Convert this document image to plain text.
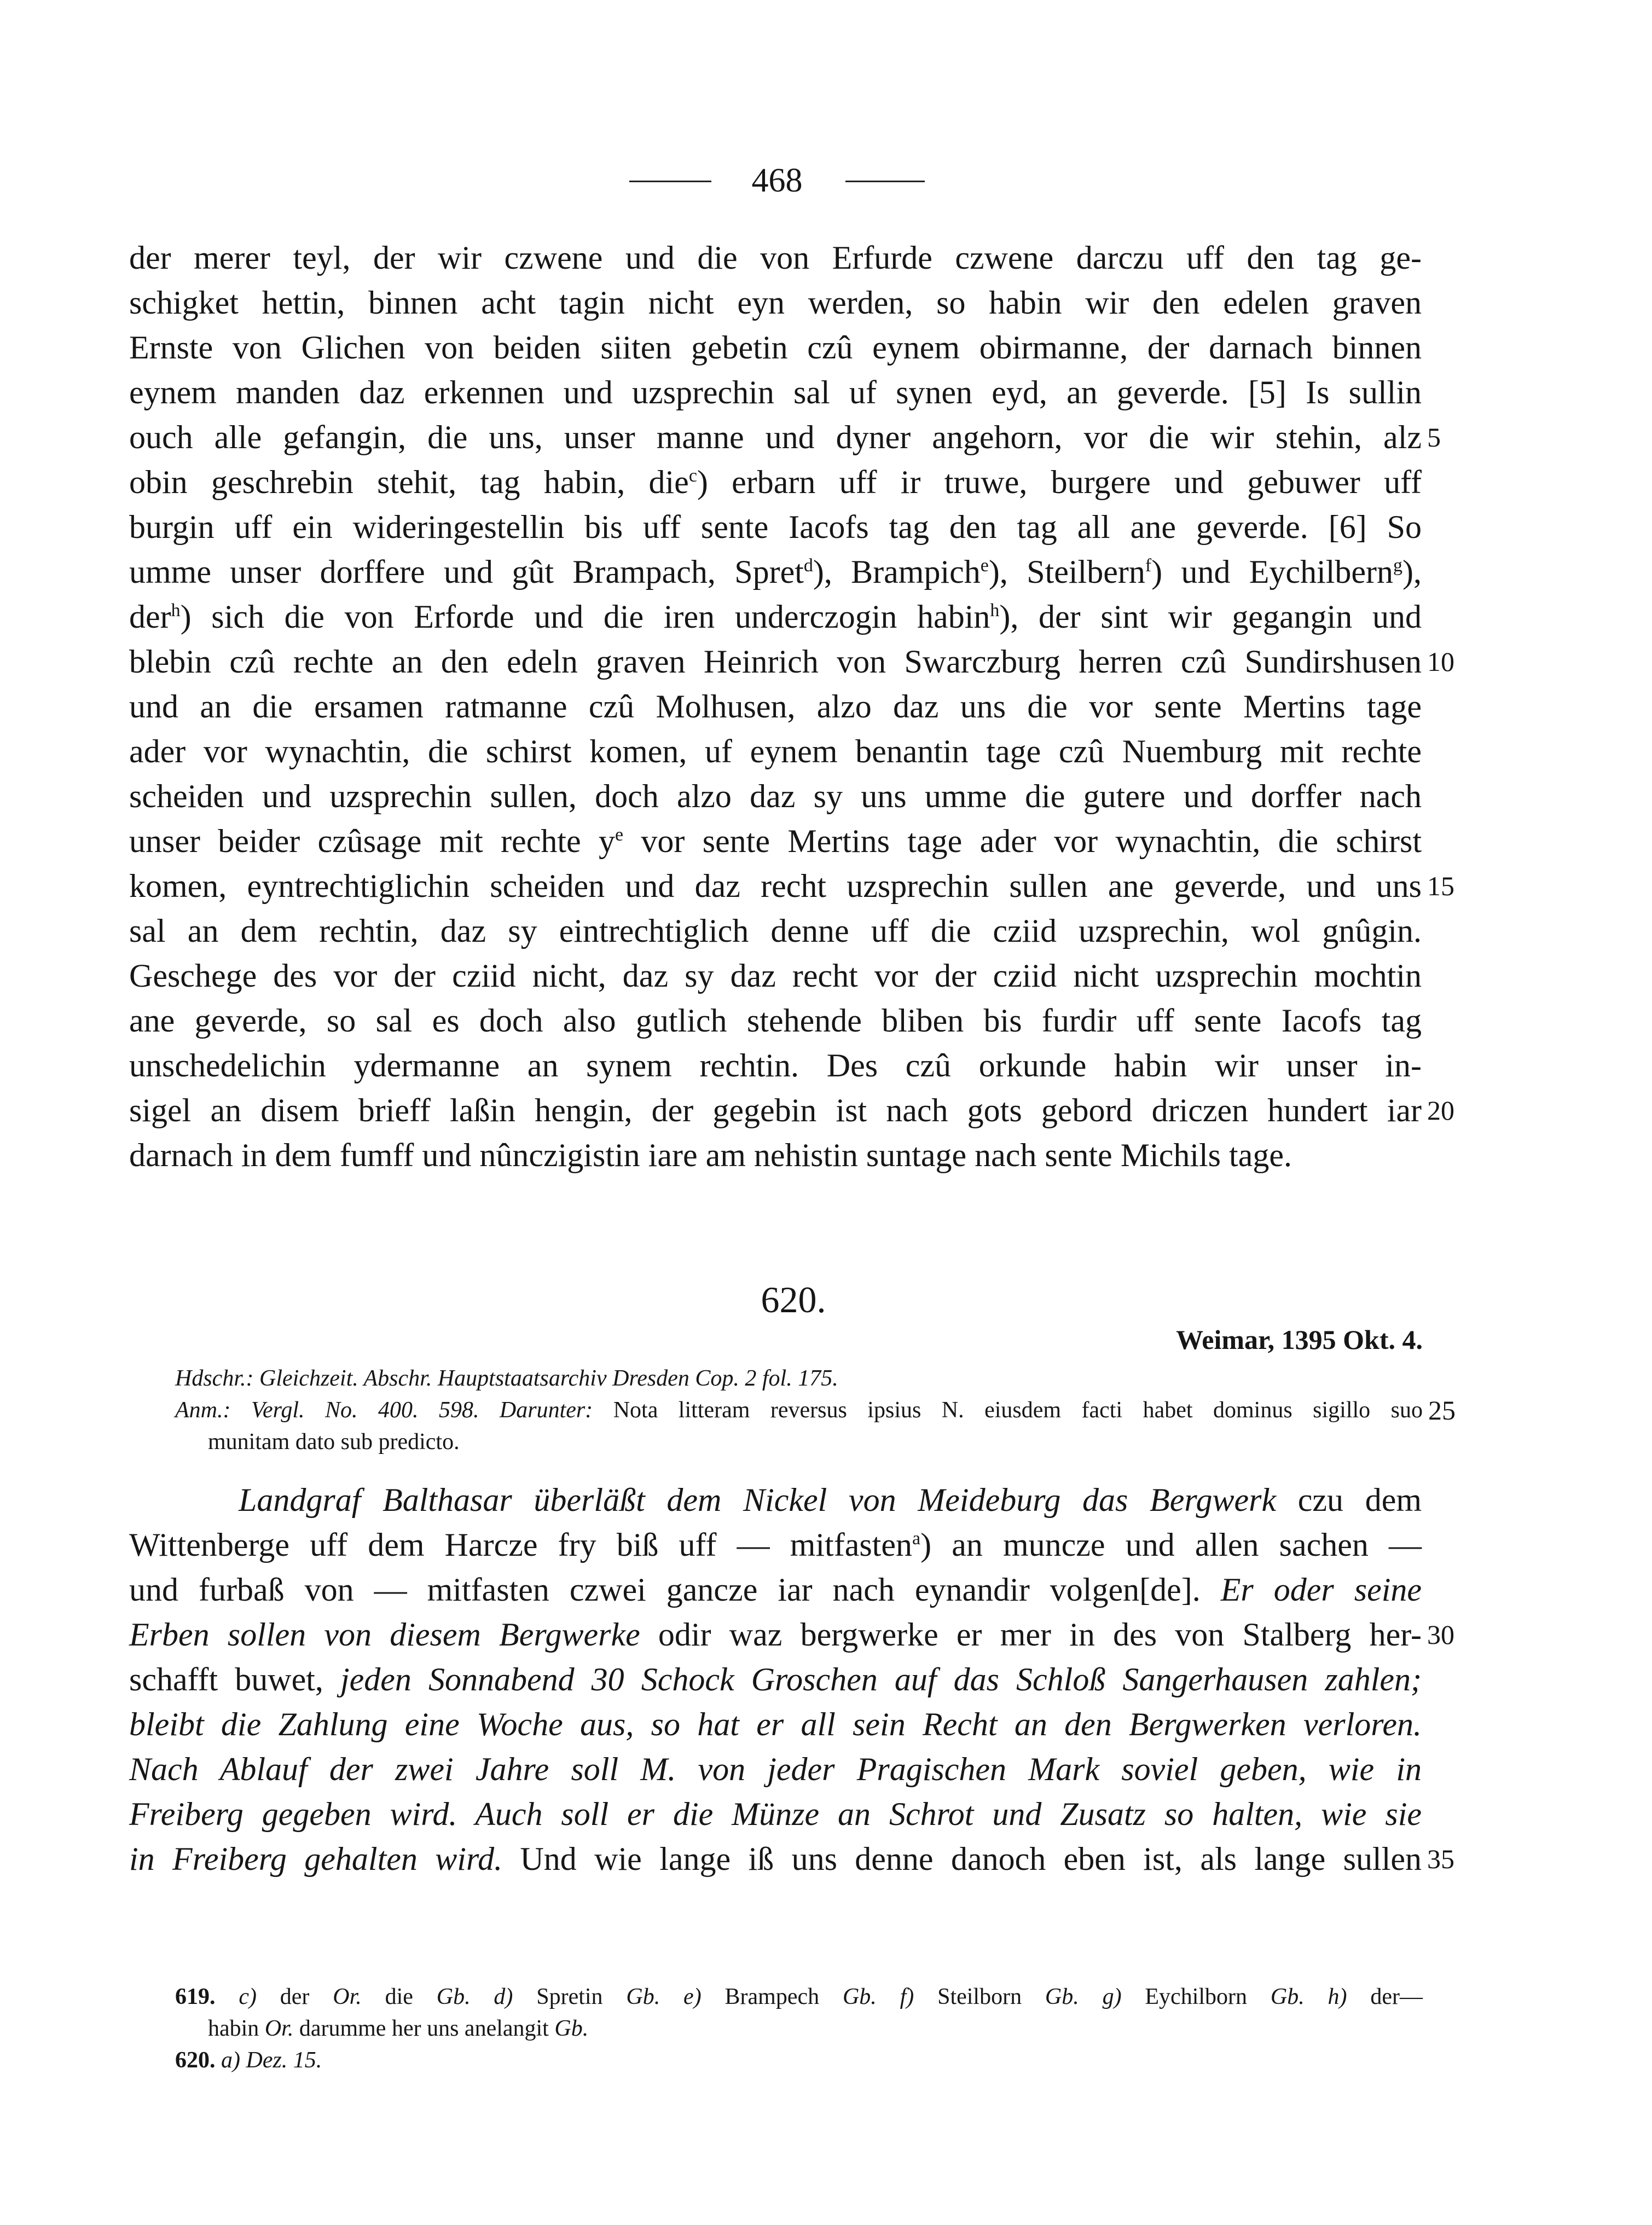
468
der merer teyl, der wir czwene und die von Erfurde czwene darczu uff den tag ge-
schigket hettin, binnen acht tagin nicht eyn werden, so habin wir den edelen graven
Ernste von Glichen von beiden siiten gebetin czû eynem obirmanne, der darnach binnen
eynem manden daz erkennen und uzsprechin sal uf synen eyd, an geverde. [5] Is sullin
ouch alle gefangin, die uns, unser manne und dyner angehorn, vor die wir stehin, alz
obin geschrebin stehit, tag habin, die$^c$) erbarn uff ir truwe, burgere und gebuwer uff
burgin uff ein wideringestellin bis uff sente Iacofs tag den tag all ane geverde. [6] So
umme unser dorffere und gût Brampach, Spret$^d$), Brampich$^e$), Steilbern$^f$) und Eychilbern$^g$),
der$^h$) sich die von Erforde und die iren underczogin habin$^h$), der sint wir gegangin und
blebin czû rechte an den edeln graven Heinrich von Swarczburg herren czû Sundirshusen
und an die ersamen ratmanne czû Molhusen, alzo daz uns die vor sente Mertins tage
ader vor wynachtin, die schirst komen, uf eynem benantin tage czû Nuemburg mit rechte
scheiden und uzsprechin sullen, doch alzo daz sy uns umme die gutere und dorffer nach
unser beider czûsage mit rechte $y^e$ vor sente Mertins tage ader vor wynachtin, die schirst
komen, eyntrechtiglichin scheiden und daz recht uzsprechin sullen ane geverde, und uns
sal an dem rechtin, daz sy eintrechtiglich denne uff die cziid uzsprechin, wol gnûgin.
Geschege des vor der cziid nicht, daz sy daz recht vor der cziid nicht uzsprechin mochtin
ane geverde, so sal es doch also gutlich stehende bliben bis furdir uff sente Iacofs tag
unschedelichin ydermanne an synem rechtin. Des czû orkunde habin wir unser in-
sigel an disem brieff laßin hengin, der gegebin ist nach gots gebord driczen hundert iar
darnach in dem fumff und nûnczigistin iare am nehistin suntage nach sente Michils tage.
5
10
15
20
620.
Weimar, 1395 Okt. 4.
Hdschr.: Gleichzeit. Abschr. Hauptstaatsarchiv Dresden Cop. 2 fol. 175.
Anm.: Vergl. No. 400. 598. Darunter: Nota litteram reversus ipsius N. eiusdem facti habet dominus sigillo suo 25
munitam dato sub predicto.
Landgraf Balthasar überläßt dem Nickel von Meideburg das Bergwerk czu dem
Wittenberge uff dem Harcze fry biß uff — mitfasten$^a$) an muncze und allen sachen —
und furbaß von — mitfasten czwei gancze iar nach eynandir volgen[de]. Er oder seine
Erben sollen von diesem Bergwerke odir waz bergwerke er mer in des von Stalberg her-
schafft buwet, jeden Sonnabend 30 Schock Groschen auf das Schloß Sangerhausen zahlen;
bleibt die Zahlung eine Woche aus, so hat er all sein Recht an den Bergwerken verloren.
Nach Ablauf der zwei Jahre soll M. von jeder Pragischen Mark soviel geben, wie in
Freiberg gegeben wird. Auch soll er die Münze an Schrot und Zusatz so halten, wie sie
in Freiberg gehalten wird. Und wie lange iß uns denne danoch eben ist, als lange sullen
30
35
619. c) der Or. die Gb. d) Spretin Gb. e) Brampech Gb. f) Steilborn Gb. g) Eychilborn Gb. h) der—
habin Or. darumme her uns anelangit Gb.
620. a) Dez. 15.
